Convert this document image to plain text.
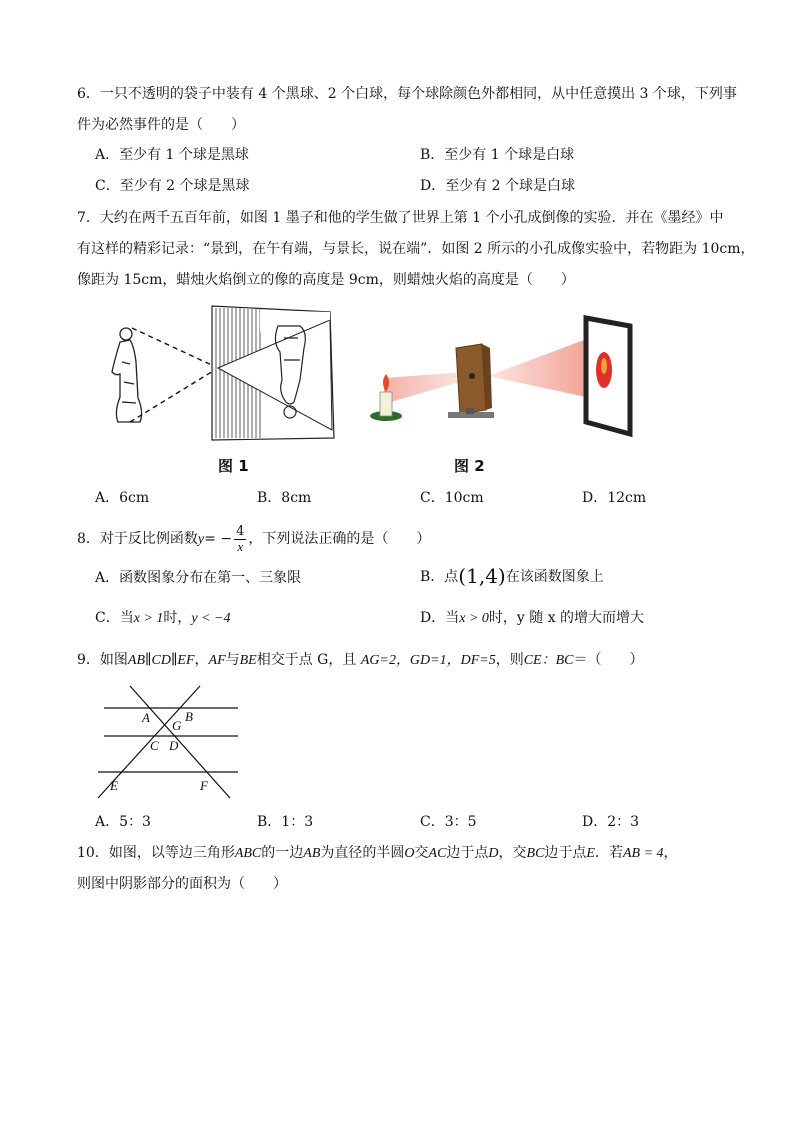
6．一只不透明的袋子中装有 4 个黑球、2 个白球，每个球除颜色外都相同，从中任意摸出 3 个球，下列事
件为必然事件的是（　　）
A．至少有 1 个球是黑球	B．至少有 1 个球是白球
C．至少有 2 个球是黑球	D．至少有 2 个球是白球
7．大约在两千五百年前，如图 1 墨子和他的学生做了世界上第 1 个小孔成倒像的实验．并在《墨经》中
有这样的精彩记录：“景到，在午有端，与景长，说在端”．如图 2 所示的小孔成像实验中，若物距为 10cm，
像距为 15cm，蜡烛火焰倒立的像的高度是 9cm，则蜡烛火焰的高度是（　　）
图 1	图 2
A．6cm	B．8cm	C．10cm	D．12cm
8．对于反比例函数$y= - \frac{4}{x}$ ，下列说法正确的是（　　）
A．函数图象分布在第一、三象限	B．点(1,4)在该函数图象上
C．当x > 1时，y < −4	D．当x > 0时，y 随 x 的增大而增大
9．如图AB∥CD∥EF，AF与BE相交于点 G，且 AG=2，GD=1，DF=5，则CE：BC＝（　　）
A	B
G
C D
E	F
A．5：3	B．1：3	C．3：5	D．2：3
10．如图，以等边三角形ABC的一边AB为直径的半圆O交AC边于点D，交BC边于点E．若AB = 4，
则图中阴影部分的面积为（　　）
